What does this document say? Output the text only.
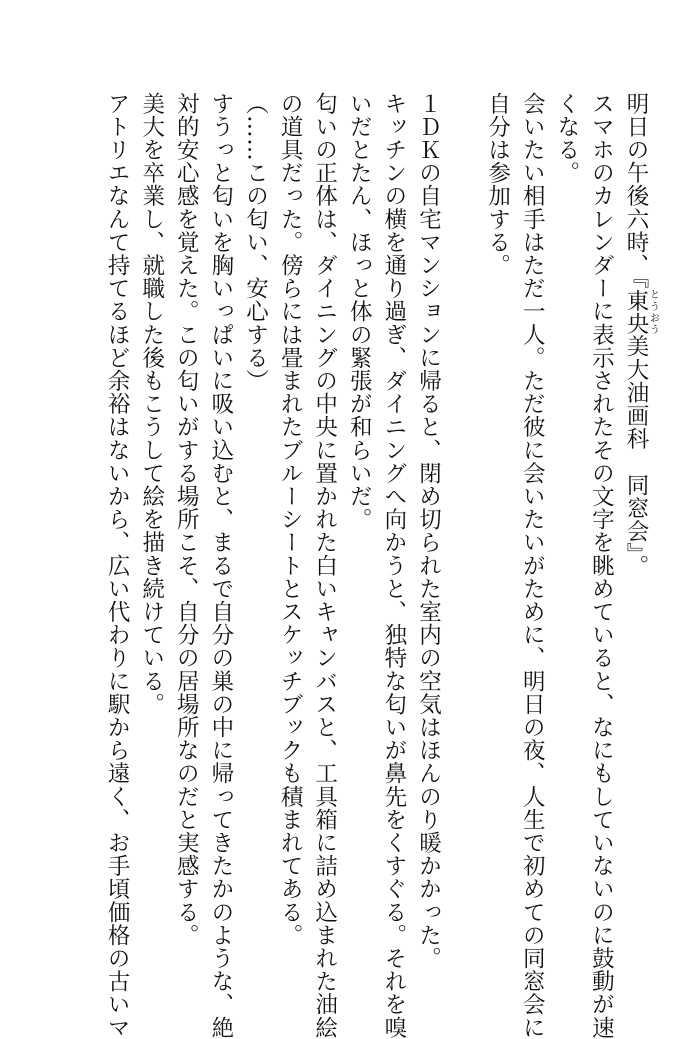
明日の午後六時、『東央とうおう美大油画科　同窓会』。
スマホのカレンダーに表示されたその文字を眺めていると、なにもしていないのに鼓動が速
くなる。
会いたい相手はただ一人。ただ彼に会いたいがために、明日の夜、人生で初めての同窓会に
自分は参加する。
１ＤＫの自宅マンションに帰ると、閉め切られた室内の空気はほんのり暖かかった。
キッチンの横を通り過ぎ、ダイニングへ向かうと、独特な匂いが鼻先をくすぐる。それを嗅
いだとたん、ほっと体の緊張が和らいだ。
匂いの正体は、ダイニングの中央に置かれた白いキャンバスと、工具箱に詰め込まれた油絵
の道具だった。傍らには畳まれたブルーシートとスケッチブックも積まれてある。
（……この匂い、安心する）
すうっと匂いを胸いっぱいに吸い込むと、まるで自分の巣の中に帰ってきたかのような、絶
対的安心感を覚えた。この匂いがする場所こそ、自分の居場所なのだと実感する。
美大を卒業し、就職した後もこうして絵を描き続けている。
アトリエなんて持てるほど余裕はないから、広い代わりに駅から遠く、お手頃価格の古いマ
